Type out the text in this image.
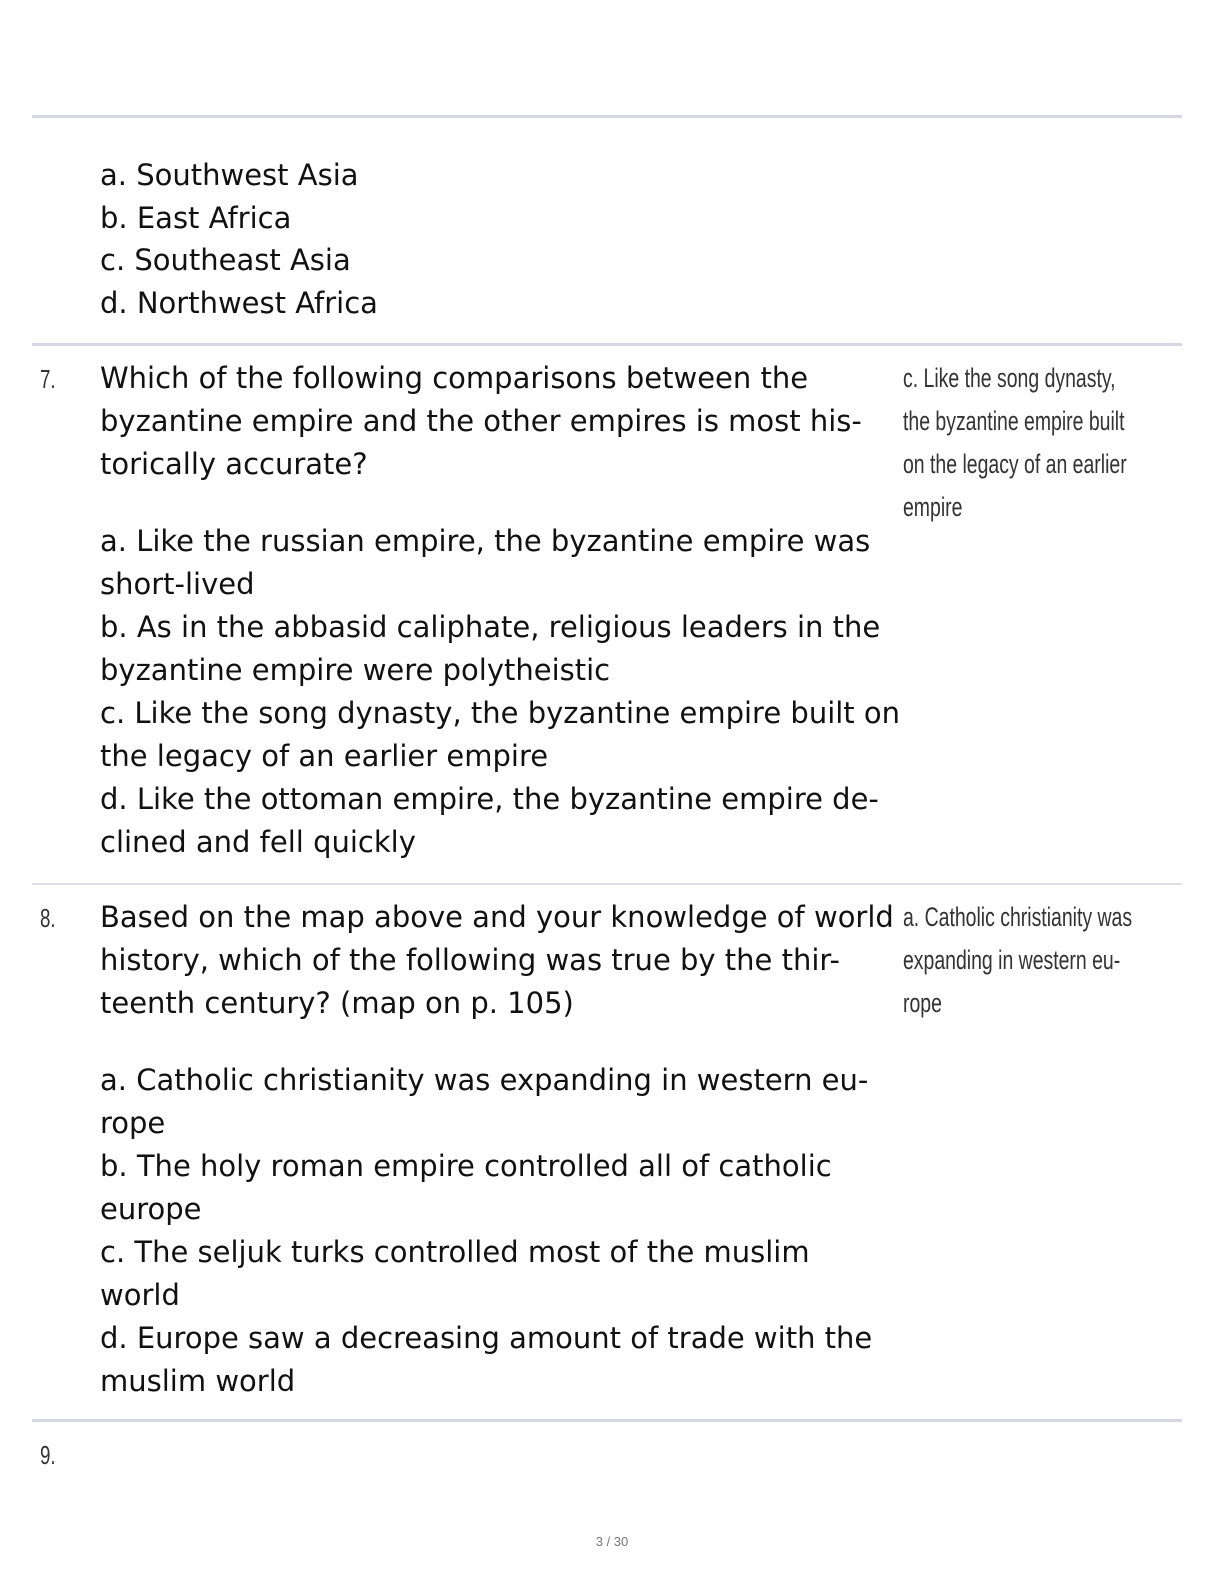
a. Southwest Asia
b. East Africa
c. Southeast Asia
d. Northwest Africa
7. Which of the following comparisons between the
byzantine empire and the other empires is most his-
torically accurate?
a. Like the russian empire, the byzantine empire was
short-lived
b. As in the abbasid caliphate, religious leaders in the
byzantine empire were polytheistic
c. Like the song dynasty, the byzantine empire built on
the legacy of an earlier empire
d. Like the ottoman empire, the byzantine empire de-
clined and fell quickly
c. Like the song dynasty,
the byzantine empire built
on the legacy of an earlier
empire
8. Based on the map above and your knowledge of world
history, which of the following was true by the thir-
teenth century? (map on p. 105)
a. Catholic christianity was expanding in western eu-
rope
b. The holy roman empire controlled all of catholic
europe
c. The seljuk turks controlled most of the muslim
world
d. Europe saw a decreasing amount of trade with the
muslim world
a. Catholic christianity was
expanding in western eu-
rope
9.
3 / 30
